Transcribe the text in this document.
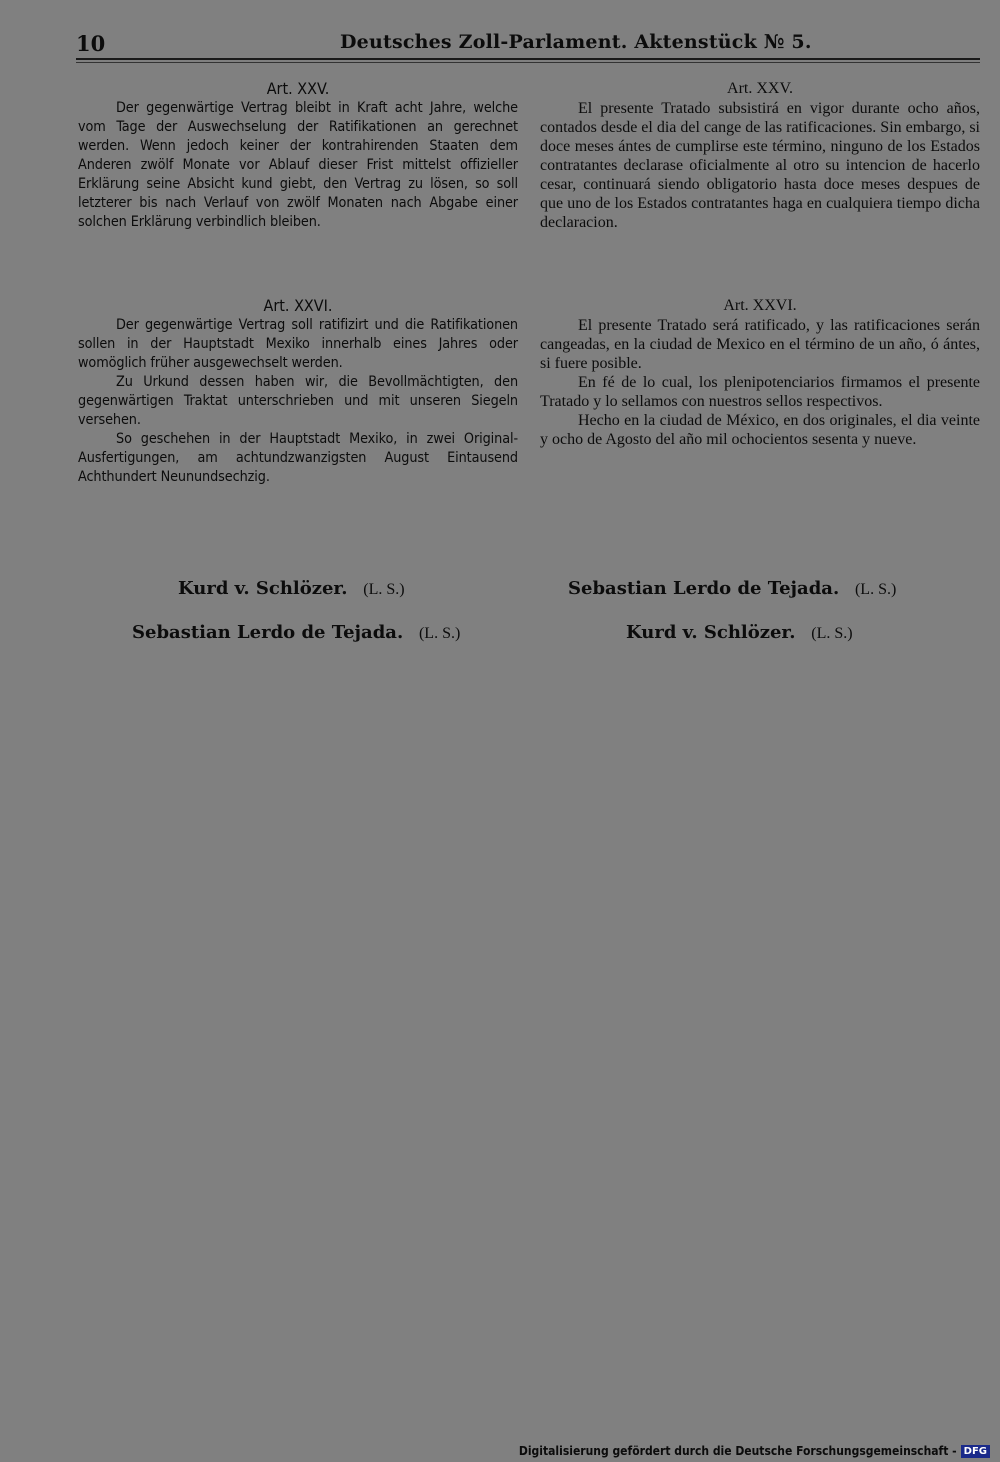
10	Deutsches Zoll-Parlament. Aktenstück № 5.

Art. XXV.

Der gegenwärtige Vertrag bleibt in Kraft acht Jahre, welche vom Tage der Auswechselung der Ratifikationen an gerechnet werden. Wenn jedoch keiner der kontrahirenden Staaten dem Anderen zwölf Monate vor Ablauf dieser Frist mittelst offizieller Erklärung seine Absicht kund giebt, den Vertrag zu lösen, so soll letzterer bis nach Verlauf von zwölf Monaten nach Abgabe einer solchen Erklärung verbindlich bleiben.

Art. XXVI.

Der gegenwärtige Vertrag soll ratifizirt und die Ratifikationen sollen in der Hauptstadt Mexiko innerhalb eines Jahres oder womöglich früher ausgewechselt werden.

Zu Urkund dessen haben wir, die Bevollmächtigten, den gegenwärtigen Traktat unterschrieben und mit unseren Siegeln versehen.

So geschehen in der Hauptstadt Mexiko, in zwei Original-Ausfertigungen, am achtundzwanzigsten August Eintausend Achthundert Neunundsechzig.

Art. XXV.

El presente Tratado subsistirá en vigor durante ocho años, contados desde el dia del cange de las ratificaciones. Sin embargo, si doce meses ántes de cumplirse este término, ninguno de los Estados contratantes declarase oficialmente al otro su intencion de hacerlo cesar, continuará siendo obligatorio hasta doce meses despues de que uno de los Estados contratantes haga en cualquiera tiempo dicha declaracion.

Art. XXVI.

El presente Tratado será ratificado, y las ratificaciones serán cangeadas, en la ciudad de Mexico en el término de un año, ó ántes, si fuere posible.

En fé de lo cual, los plenipotenciarios firmamos el presente Tratado y lo sellamos con nuestros sellos respectivos.

Hecho en la ciudad de México, en dos originales, el dia veinte y ocho de Agosto del año mil ochocientos sesenta y nueve.

Kurd v. Schlözer. (L. S.)
Sebastian Lerdo de Tejada. (L. S.)
Sebastian Lerdo de Tejada. (L. S.)
Kurd v. Schlözer. (L. S.)
Digitalisierung gefördert durch die Deutsche Forschungsgemeinschaft - DFG
